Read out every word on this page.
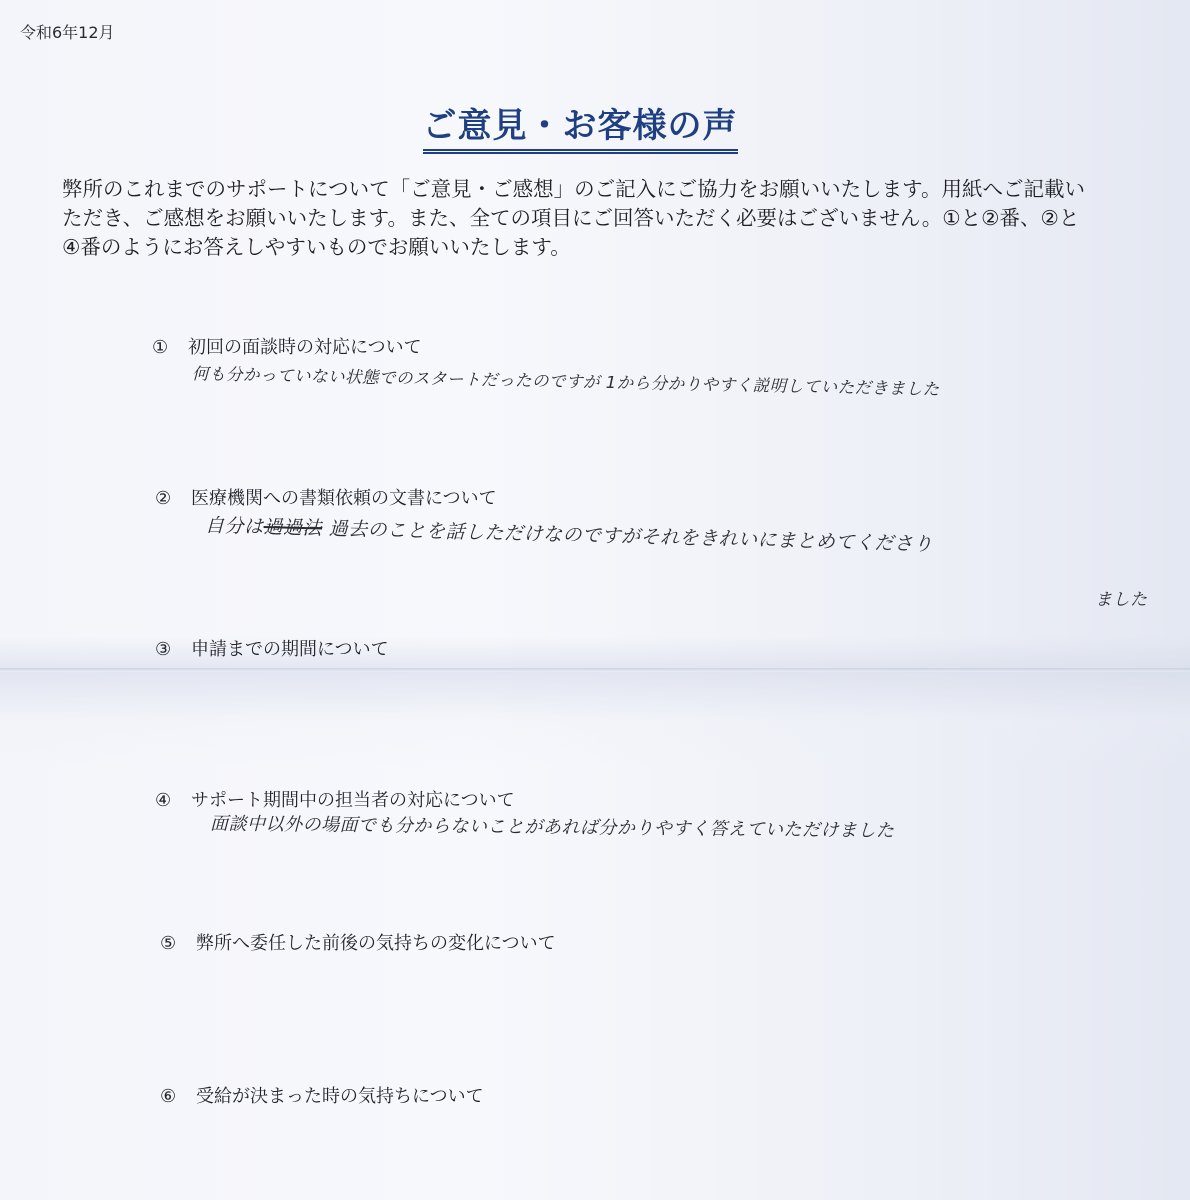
令和6年12月
ご意見・お客様の声
弊所のこれまでのサポートについて「ご意見・ご感想」のご記入にご協力をお願いいたします。用紙へご記載いただき、ご感想をお願いいたします。また、全ての項目にご回答いただく必要はございません。①と②番、②と④番のようにお答えしやすいものでお願いいたします。
① 初回の面談時の対応について
何も分かっていない状態でのスタートだったのですが 1から分かりやすく説明していただきました
② 医療機関への書類依頼の文書について
自分は過過法 過去のことを話しただけなのですがそれをきれいにまとめてくださり
ました
③ 申請までの期間について
④ サポート期間中の担当者の対応について
面談中以外の場面でも分からないことがあれば分かりやすく答えていただけました
⑤ 弊所へ委任した前後の気持ちの変化について
⑥ 受給が決まった時の気持ちについて
